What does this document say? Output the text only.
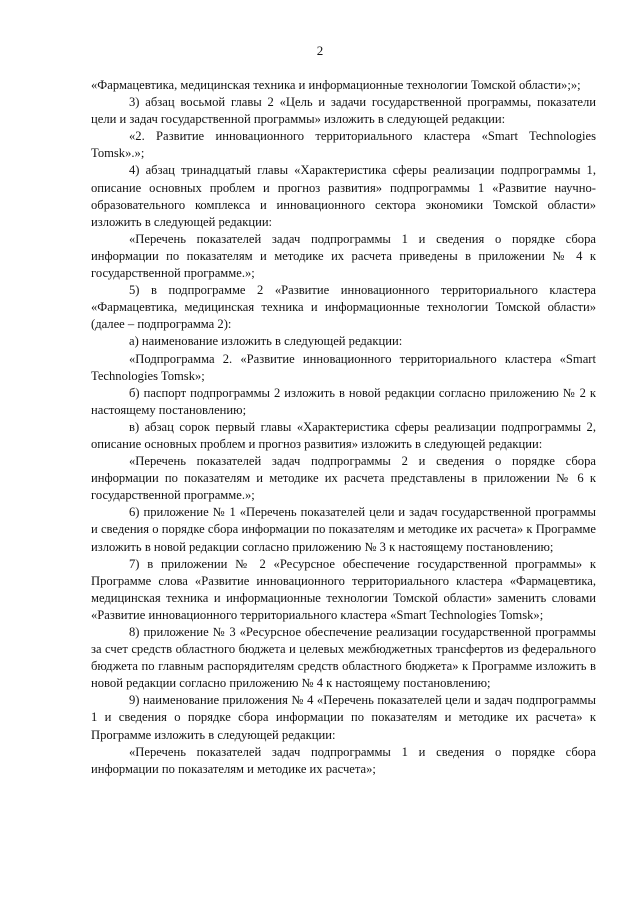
2

«Фармацевтика, медицинская техника и информационные технологии Томской области»;»;

3) абзац восьмой главы 2 «Цель и задачи государственной программы, показатели цели и задач государственной программы» изложить в следующей редакции:

«2. Развитие инновационного территориального кластера «Smart Technologies Tomsk».»;

4) абзац тринадцатый главы «Характеристика сферы реализации подпрограммы 1, описание основных проблем и прогноз развития» подпрограммы 1 «Развитие научно-образовательного комплекса и инновационного сектора экономики Томской области» изложить в следующей редакции:

«Перечень показателей задач подпрограммы 1 и сведения о порядке сбора информации по показателям и методике их расчета приведены в приложении № 4 к государственной программе.»;

5) в подпрограмме 2 «Развитие инновационного территориального кластера «Фармацевтика, медицинская техника и информационные технологии Томской области» (далее – подпрограмма 2):

а) наименование изложить в следующей редакции:

«Подпрограмма 2. «Развитие инновационного территориального кластера «Smart Technologies Tomsk»;

б) паспорт подпрограммы 2 изложить в новой редакции согласно приложению № 2 к настоящему постановлению;

в) абзац сорок первый главы «Характеристика сферы реализации подпрограммы 2, описание основных проблем и прогноз развития» изложить в следующей редакции:

«Перечень показателей задач подпрограммы 2 и сведения о порядке сбора информации по показателям и методике их расчета представлены в приложении № 6 к государственной программе.»;

6) приложение № 1 «Перечень показателей цели и задач государственной программы и сведения о порядке сбора информации по показателям и методике их расчета» к Программе изложить в новой редакции согласно приложению № 3 к настоящему постановлению;

7) в приложении № 2 «Ресурсное обеспечение государственной программы» к Программе слова «Развитие инновационного территориального кластера «Фармацевтика, медицинская техника и информационные технологии Томской области» заменить словами «Развитие инновационного территориального кластера «Smart Technologies Tomsk»;

8) приложение № 3 «Ресурсное обеспечение реализации государственной программы за счет средств областного бюджета и целевых межбюджетных трансфертов из федерального бюджета по главным распорядителям средств областного бюджета» к Программе изложить в новой редакции согласно приложению № 4 к настоящему постановлению;

9) наименование приложения № 4 «Перечень показателей цели и задач подпрограммы 1 и сведения о порядке сбора информации по показателям и методике их расчета» к Программе изложить в следующей редакции:

«Перечень показателей задач подпрограммы 1 и сведения о порядке сбора информации по показателям и методике их расчета»;
